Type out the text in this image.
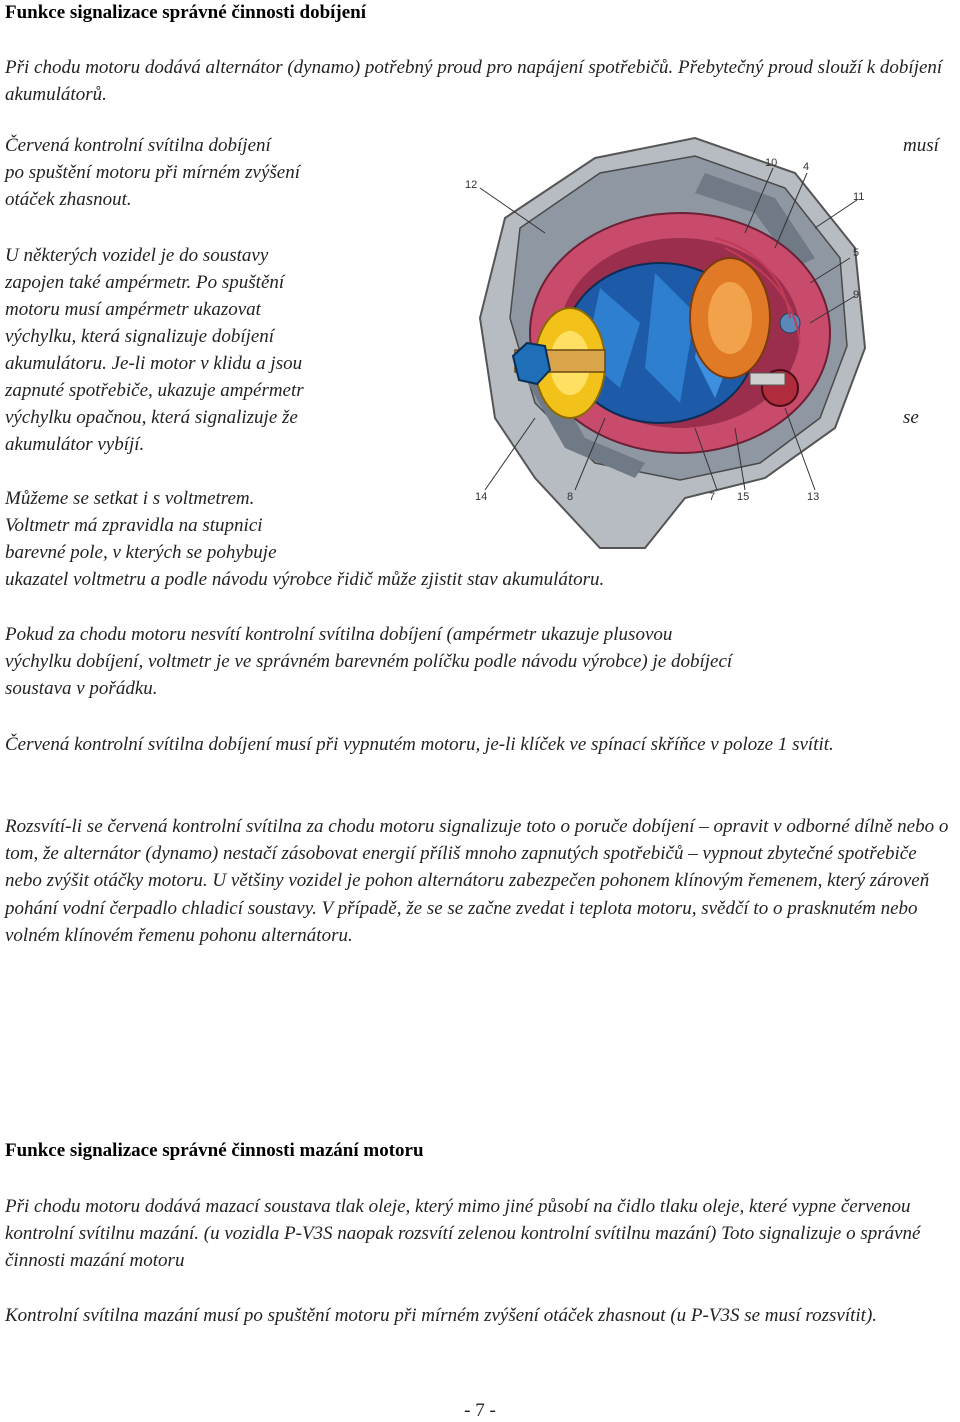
Funkce signalizace správné činnosti dobíjení
Při chodu motoru dodává alternátor (dynamo) potřebný proud pro napájení spotřebičů. Přebytečný proud slouží k dobíjení akumulátorů.
Červená kontrolní svítilna dobíjení
po spuštění motoru při mírném zvýšení
otáček zhasnout.
U některých vozidel je do soustavy
zapojen také ampérmetr. Po spuštění
motoru musí ampérmetr ukazovat
výchylku, která signalizuje dobíjení
akumulátoru. Je-li motor v klidu a jsou
zapnuté spotřebiče, ukazuje ampérmetr
výchylku opačnou, která signalizuje že
akumulátor vybíjí.
Můžeme se setkat i s voltmetrem.
Voltmetr má zpravidla na stupnici
barevné pole, v kterých se pohybuje
ukazatel voltmetru a podle návodu výrobce řidič může zjistit stav akumulátoru.
musí
se
10 4
12
11
5
9
14	8	7 15	13
Pokud za chodu motoru nesvítí kontrolní svítilna dobíjení (ampérmetr ukazuje plusovou výchylku dobíjení, voltmetr je ve správném barevném políčku podle návodu výrobce) je dobíjecí soustava v pořádku.
Červená kontrolní svítilna dobíjení musí při vypnutém motoru, je-li klíček ve spínací skříňce v poloze 1 svítit.
Rozsvítí-li se červená kontrolní svítilna za chodu motoru signalizuje toto o poruče dobíjení – opravit v odborné dílně nebo o tom, že alternátor (dynamo) nestačí zásobovat energií příliš mnoho zapnutých spotřebičů – vypnout zbytečné spotřebiče nebo zvýšit otáčky motoru. U většiny vozidel je pohon alternátoru zabezpečen pohonem klínovým řemenem, který zároveň pohání vodní čerpadlo chladicí soustavy. V případě, že se se začne zvedat i teplota motoru, svědčí to o prasknutém nebo volném klínovém řemenu pohonu alternátoru.
Funkce signalizace správné činnosti mazání motoru
Při chodu motoru dodává mazací soustava tlak oleje, který mimo jiné působí na čidlo tlaku oleje, které vypne červenou kontrolní svítilnu mazání. (u vozidla P-V3S naopak rozsvítí zelenou kontrolní svítilnu mazání) Toto signalizuje o správné činnosti mazání motoru
Kontrolní svítilna mazání musí po spuštění motoru při mírném zvýšení otáček zhasnout (u P-V3S se musí rozsvítit).
- 7 -
